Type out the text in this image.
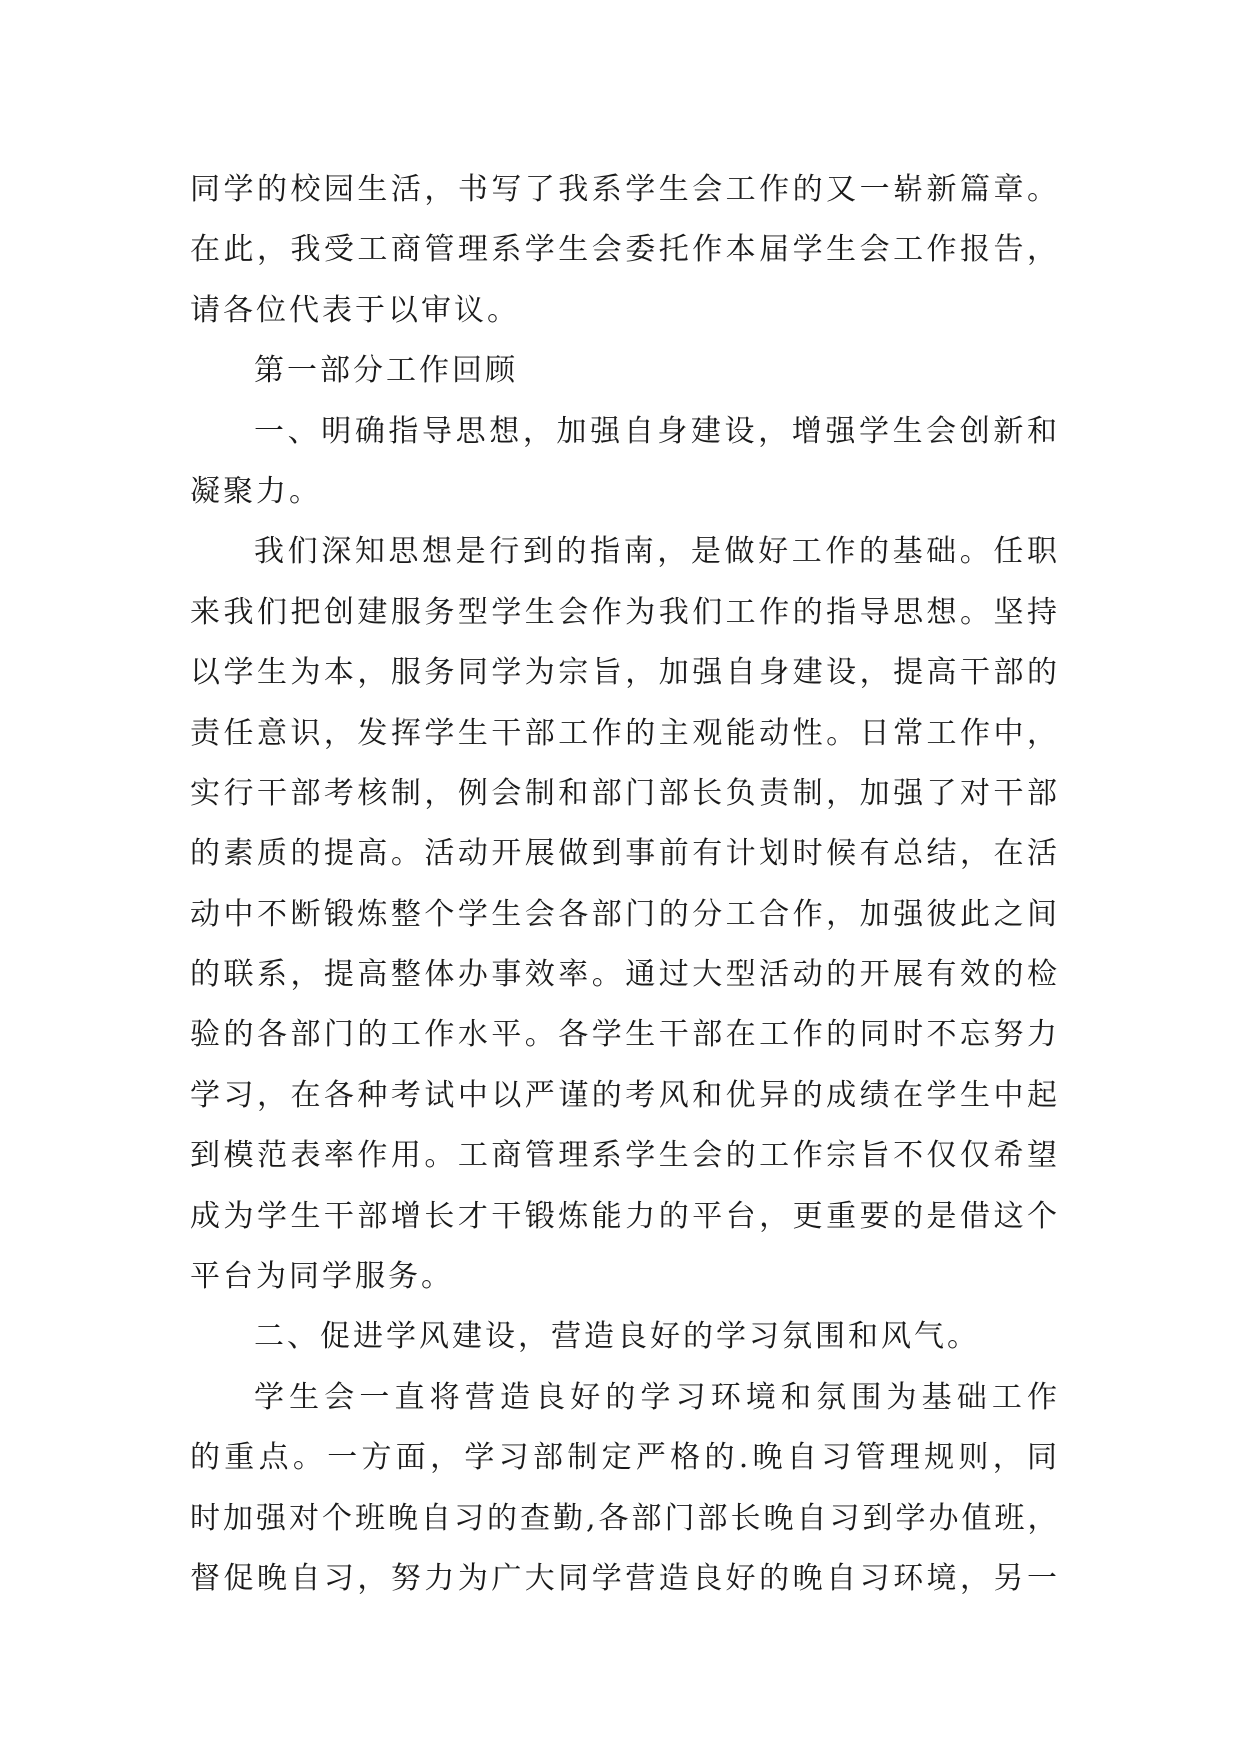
同学的校园生活，书写了我系学生会工作的又一崭新篇章。
在此，我受工商管理系学生会委托作本届学生会工作报告，
请各位代表于以审议。
第一部分工作回顾
一、明确指导思想，加强自身建设，增强学生会创新和
凝聚力。
我们深知思想是行到的指南，是做好工作的基础。任职
来我们把创建服务型学生会作为我们工作的指导思想。坚持
以学生为本，服务同学为宗旨，加强自身建设，提高干部的
责任意识，发挥学生干部工作的主观能动性。日常工作中，
实行干部考核制，例会制和部门部长负责制，加强了对干部
的素质的提高。活动开展做到事前有计划时候有总结，在活
动中不断锻炼整个学生会各部门的分工合作，加强彼此之间
的联系，提高整体办事效率。通过大型活动的开展有效的检
验的各部门的工作水平。各学生干部在工作的同时不忘努力
学习，在各种考试中以严谨的考风和优异的成绩在学生中起
到模范表率作用。工商管理系学生会的工作宗旨不仅仅希望
成为学生干部增长才干锻炼能力的平台，更重要的是借这个
平台为同学服务。
二、促进学风建设，营造良好的学习氛围和风气。
学生会一直将营造良好的学习环境和氛围为基础工作
的重点。一方面，学习部制定严格的.晚自习管理规则，同
时加强对个班晚自习的查勤,各部门部长晚自习到学办值班，
督促晚自习，努力为广大同学营造良好的晚自习环境，另一
